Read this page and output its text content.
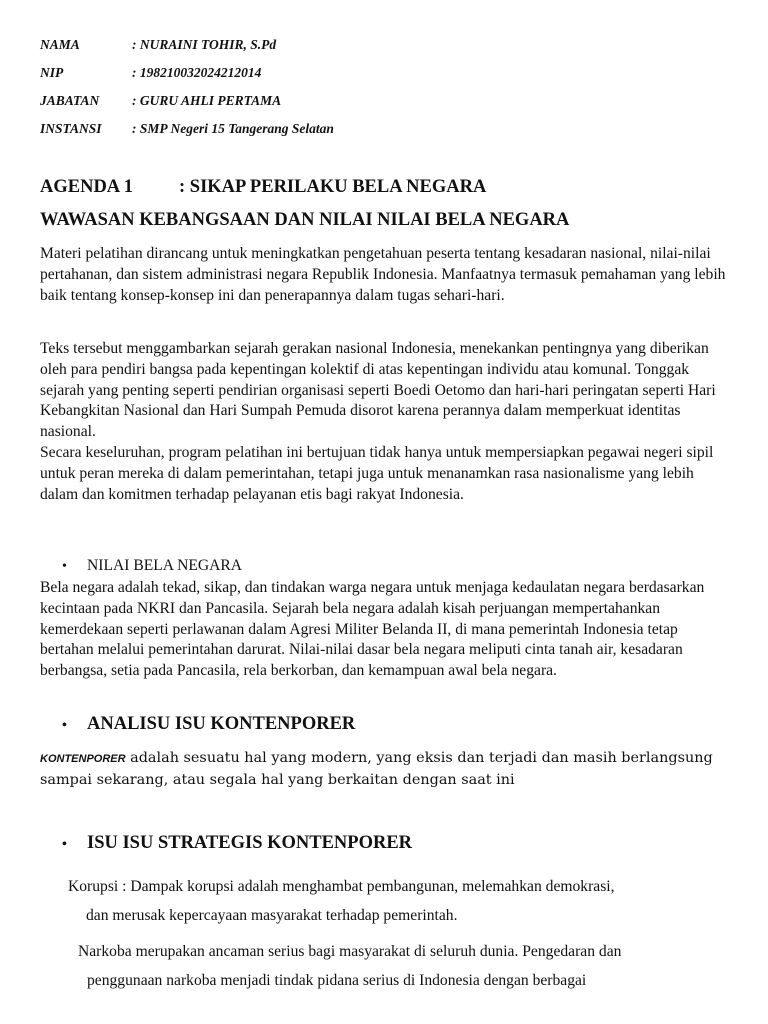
NAMA	: NURAINI TOHIR, S.Pd
NIP	: 198210032024212014
JABATAN	: GURU AHLI PERTAMA
INSTANSI	: SMP Negeri 15 Tangerang Selatan
AGENDA 1 : SIKAP PERILAKU BELA NEGARA
WAWASAN KEBANGSAAN DAN NILAI NILAI BELA NEGARA

Materi pelatihan dirancang untuk meningkatkan pengetahuan peserta tentang kesadaran nasional, nilai-nilai pertahanan, dan sistem administrasi negara Republik Indonesia. Manfaatnya termasuk pemahaman yang lebih baik tentang konsep-konsep ini dan penerapannya dalam tugas sehari-hari.

Teks tersebut menggambarkan sejarah gerakan nasional Indonesia, menekankan pentingnya yang diberikan oleh para pendiri bangsa pada kepentingan kolektif di atas kepentingan individu atau komunal. Tonggak sejarah yang penting seperti pendirian organisasi seperti Boedi Oetomo dan hari-hari peringatan seperti Hari Kebangkitan Nasional dan Hari Sumpah Pemuda disorot karena perannya dalam memperkuat identitas nasional.
Secara keseluruhan, program pelatihan ini bertujuan tidak hanya untuk mempersiapkan pegawai negeri sipil untuk peran mereka di dalam pemerintahan, tetapi juga untuk menanamkan rasa nasionalisme yang lebih dalam dan komitmen terhadap pelayanan etis bagi rakyat Indonesia.
• NILAI BELA NEGARA

Bela negara adalah tekad, sikap, dan tindakan warga negara untuk menjaga kedaulatan negara berdasarkan kecintaan pada NKRI dan Pancasila. Sejarah bela negara adalah kisah perjuangan mempertahankan kemerdekaan seperti perlawanan dalam Agresi Militer Belanda II, di mana pemerintah Indonesia tetap bertahan melalui pemerintahan darurat. Nilai-nilai dasar bela negara meliputi cinta tanah air, kesadaran berbangsa, setia pada Pancasila, rela berkorban, dan kemampuan awal bela negara.

• ANALISU ISU KONTENPORER
KONTENPORER adalah sesuatu hal yang modern, yang eksis dan terjadi dan masih berlangsung sampai sekarang, atau segala hal yang berkaitan dengan saat ini
• ISU ISU STRATEGIS KONTENPORER
Korupsi : Dampak korupsi adalah menghambat pembangunan, melemahkan demokrasi,
dan merusak kepercayaan masyarakat terhadap pemerintah.
Narkoba merupakan ancaman serius bagi masyarakat di seluruh dunia. Pengedaran dan
penggunaan narkoba menjadi tindak pidana serius di Indonesia dengan berbagai
